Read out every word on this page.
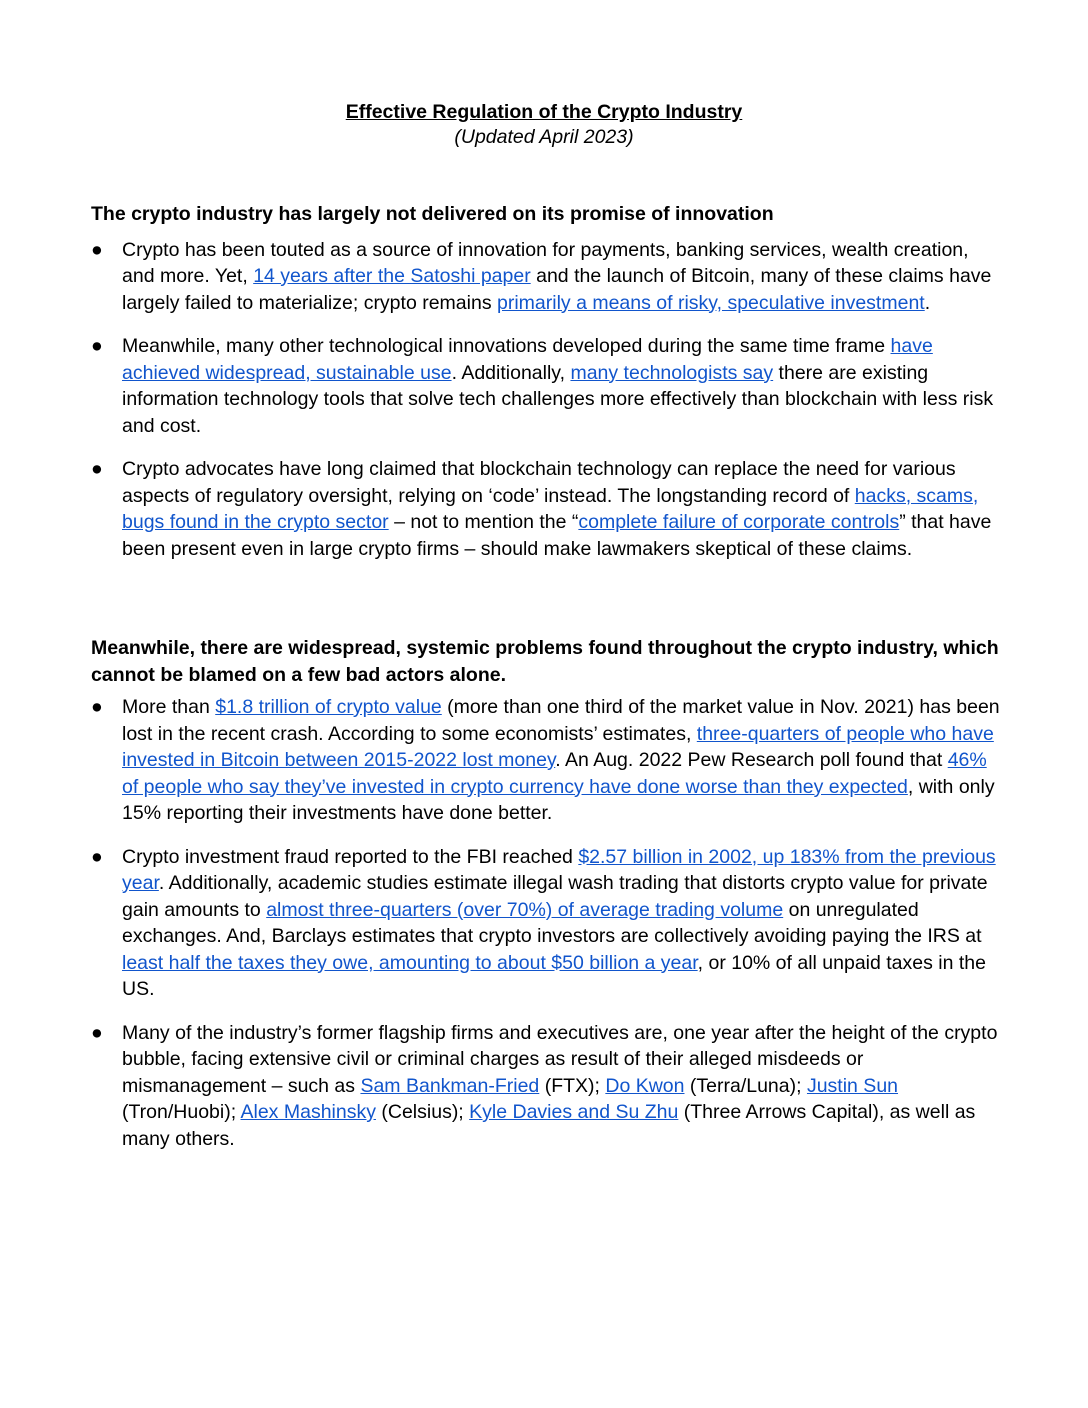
Effective Regulation of the Crypto Industry
(Updated April 2023)

The crypto industry has largely not delivered on its promise of innovation

● Crypto has been touted as a source of innovation for payments, banking services, wealth creation, and more. Yet, 14 years after the Satoshi paper and the launch of Bitcoin, many of these claims have largely failed to materialize; crypto remains primarily a means of risky, speculative investment.
● Meanwhile, many other technological innovations developed during the same time frame have achieved widespread, sustainable use. Additionally, many technologists say there are existing information technology tools that solve tech challenges more effectively than blockchain with less risk and cost.
● Crypto advocates have long claimed that blockchain technology can replace the need for various aspects of regulatory oversight, relying on ‘code’ instead. The longstanding record of hacks, scams, bugs found in the crypto sector – not to mention the “complete failure of corporate controls” that have been present even in large crypto firms – should make lawmakers skeptical of these claims.

Meanwhile, there are widespread, systemic problems found throughout the crypto industry, which cannot be blamed on a few bad actors alone.

● More than $1.8 trillion of crypto value (more than one third of the market value in Nov. 2021) has been lost in the recent crash. According to some economists’ estimates, three-quarters of people who have invested in Bitcoin between 2015-2022 lost money. An Aug. 2022 Pew Research poll found that 46% of people who say they’ve invested in crypto currency have done worse than they expected, with only 15% reporting their investments have done better.
● Crypto investment fraud reported to the FBI reached $2.57 billion in 2002, up 183% from the previous year. Additionally, academic studies estimate illegal wash trading that distorts crypto value for private gain amounts to almost three-quarters (over 70%) of average trading volume on unregulated exchanges. And, Barclays estimates that crypto investors are collectively avoiding paying the IRS at least half the taxes they owe, amounting to about $50 billion a year, or 10% of all unpaid taxes in the US.
● Many of the industry’s former flagship firms and executives are, one year after the height of the crypto bubble, facing extensive civil or criminal charges as result of their alleged misdeeds or mismanagement – such as Sam Bankman-Fried (FTX); Do Kwon (Terra/Luna); Justin Sun (Tron/Huobi); Alex Mashinsky (Celsius); Kyle Davies and Su Zhu (Three Arrows Capital), as well as many others.
